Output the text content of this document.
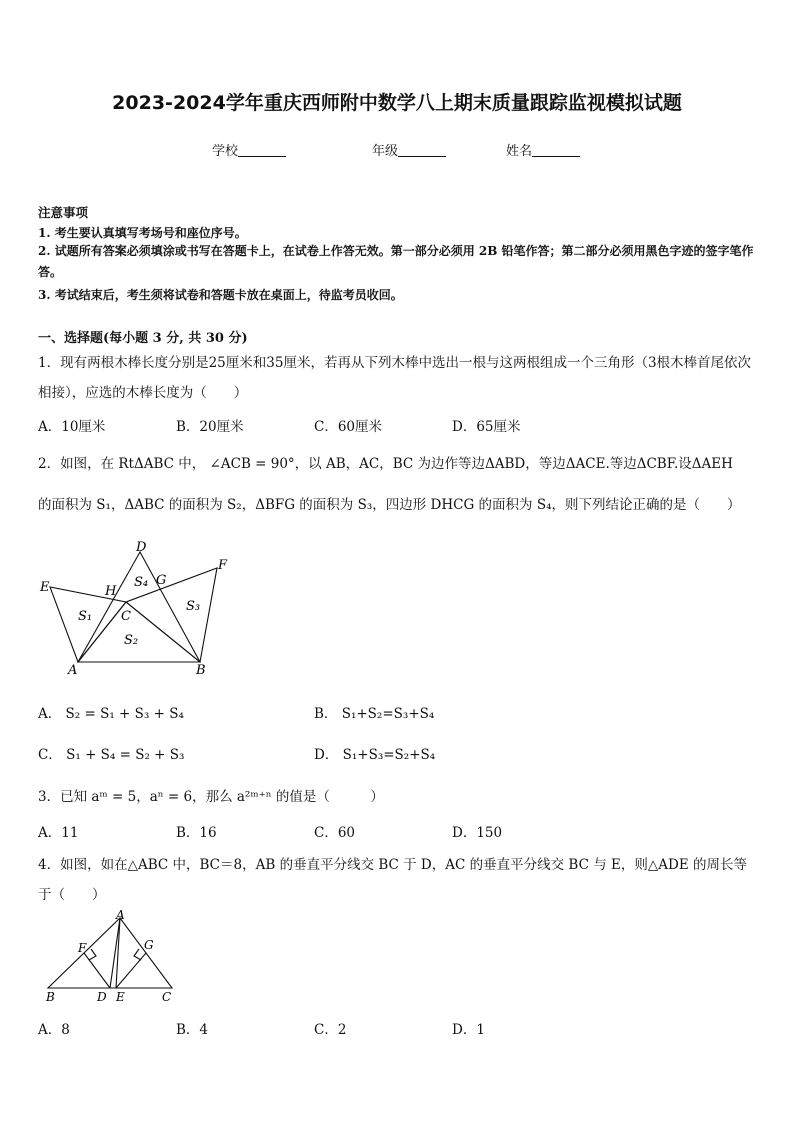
2023-2024学年重庆西师附中数学八上期末质量跟踪监视模拟试题
学校	年级	姓名
注意事项
1. 考生要认真填写考场号和座位序号。
2. 试题所有答案必须填涂或书写在答题卡上，在试卷上作答无效。第一部分必须用 2B 铅笔作答；第二部分必须用黑色字迹的签字笔作答。
3. 考试结束后，考生须将试卷和答题卡放在桌面上，待监考员收回。
一、选择题(每小题 3 分, 共 30 分)
1．现有两根木棒长度分别是25厘米和35厘米，若再从下列木棒中选出一根与这两根组成一个三角形（3根木棒首尾依次相接），应选的木棒长度为（　　）
A．10厘米	B．20厘米	C．60厘米	D．65厘米
2．如图，在 RtΔABC 中， ∠ACB = 90°，以 AB，AC，BC 为边作等边ΔABD，等边ΔACE.等边ΔCBF.设ΔAEH
的面积为 S₁，ΔABC 的面积为 S₂，ΔBFG 的面积为 S₃，四边形 DHCG 的面积为 S₄，则下列结论正确的是（　　）
D
E
F
H
G
C
A	B
S₁
S₂
S₃
S₄
A． S₂ = S₁ + S₃ + S₄	B． S₁+S₂=S₃+S₄
C． S₁ + S₄ = S₂ + S₃	D． S₁+S₃=S₂+S₄
3．已知 aᵐ = 5，aⁿ = 6，那么 a²ᵐ⁺ⁿ 的值是（　　　）
A．11	B．16	C．60	D．150
4．如图，如在△ABC 中，BC＝8，AB 的垂直平分线交 BC 于 D，AC 的垂直平分线交 BC 与 E，则△ADE 的周长等于（　　）
A
F	G
B	D E	C
A．8	B．4	C．2	D．1
